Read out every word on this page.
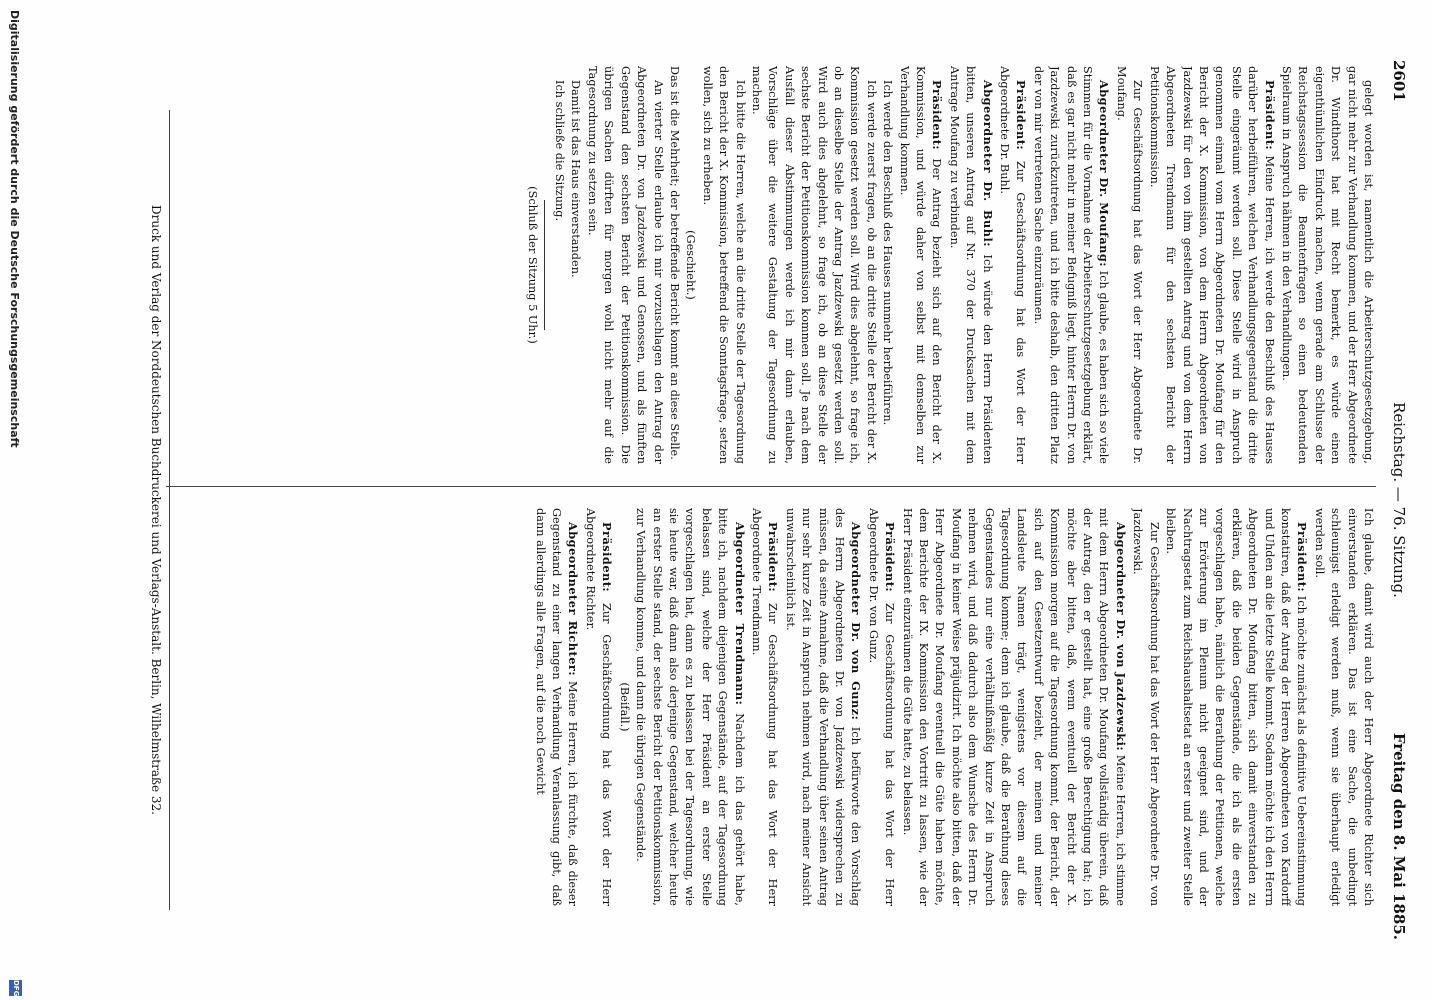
2601
Reichstag. — 76. Sitzung.
Freitag den 8. Mai 1885.

gelegt worden ist, namentlich die Arbeiterschutzgesetzgebung, gar nicht mehr zur Verhandlung kommen, und der Herr Abgeordnete Dr. Windthorst hat mit Recht bemerkt, es würde einen eigenthümlichen Eindruck machen, wenn gerade am Schlusse der Reichstagssession die Beamtenfragen so einen bedeutenden Spielraum in Anspruch nähmen in den Verhandlungen.

Präsident: Meine Herren, ich werde den Beschluß des Hauses darüber herbeiführen, welchen Verhandlungsgegenstand die dritte Stelle eingeräumt werden soll. Diese Stelle wird in Anspruch genommen einmal vom Herrn Abgeordneten Dr. Moufang für den Bericht der X. Kommission, von dem Herrn Abgeordneten von Jazdzewski für den von ihm gestellten Antrag und von dem Herrn Abgeordneten Trendmann für den sechsten Bericht der Petitionskommission.

Zur Geschäftsordnung hat das Wort der Herr Abgeordnete Dr. Moufang.

Abgeordneter Dr. Moufang: Ich glaube, es haben sich so viele Stimmen für die Vornahme der Arbeiterschutzgesetzgebung erklärt, daß es gar nicht mehr in meiner Befugniß liegt, hinter Herrn Dr. von Jazdzewski zurückzutreten, und ich bitte deshalb, den dritten Platz der von mir vertretenen Sache einzuräumen.

Präsident: Zur Geschäftsordnung hat das Wort der Herr Abgeordnete Dr. Buhl.

Abgeordneter Dr. Buhl: Ich würde den Herrn Präsidenten bitten, unseren Antrag auf Nr. 370 der Drucksachen mit dem Antrage Moufang zu verbinden.

Präsident: Der Antrag bezieht sich auf den Bericht der X. Kommission, und würde daher von selbst mit demselben zur Verhandlung kommen.

Ich werde den Beschluß des Hauses nunmehr herbeiführen.

Ich werde zuerst fragen, ob an die dritte Stelle der Bericht der X. Kommission gesetzt werden soll. Wird dies abgelehnt, so frage ich, ob an dieselbe Stelle der Antrag Jazdzewski gesetzt werden soll. Wird auch dies abgelehnt, so frage ich, ob an diese Stelle der sechste Bericht der Petitionskommission kommen soll. Je nach dem Ausfall dieser Abstimmungen werde ich mir dann erlauben, Vorschläge über die weitere Gestaltung der Tagesordnung zu machen.

Ich bitte die Herren, welche an die dritte Stelle der Tagesordnung den Bericht der X. Kommission, betreffend die Sonntagsfrage, setzen wollen, sich zu erheben.

(Geschieht.)

Das ist die Mehrheit; der betreffende Bericht kommt an diese Stelle.

An vierter Stelle erlaube ich mir vorzuschlagen den Antrag der Abgeordneten Dr. von Jazdzewski und Genossen, und als fünften Gegenstand den sechsten Bericht der Petitionskommission. Die übrigen Sachen dürften für morgen wohl nicht mehr auf die Tagesordnung zu setzen sein.

Damit ist das Haus einverstanden.

Ich schließe die Sitzung.

(Schluß der Sitzung 5 Uhr.)

Ich glaube, damit wird auch der Herr Abgeordnete Richter sich einverstanden erklären. Das ist eine Sache, die unbedingt schleunigst erledigt werden muß, wenn sie überhaupt erledigt werden soll.

Präsident: Ich möchte zunächst als definitive Uebereinstimmung konstatiren, daß der Antrag der Herren Abgeordneten von Kardorff und Uhden an die letzte Stelle kommt. Sodann möchte ich den Herrn Abgeordneten Dr. Moufang bitten, sich damit einverstanden zu erklären, daß die beiden Gegenstände, die ich als die ersten vorgeschlagen habe, nämlich die Berathung der Petitionen, welche zur Erörterung im Plenum nicht geeignet sind, und der Nachtragsetat zum Reichshaushaltsetat an erster und zweiter Stelle bleiben.

Zur Geschäftsordnung hat das Wort der Herr Abgeordnete Dr. von Jazdzewski.

Abgeordneter Dr. von Jazdzewski: Meine Herren, ich stimme mit dem Herrn Abgeordneten Dr. Moufang vollständig überein, daß der Antrag, den er gestellt hat, eine große Berechtigung hat; ich möchte aber bitten, daß, wenn eventuell der Bericht der X. Kommission morgen auf die Tagesordnung kommt, der Bericht, der sich auf den Gesetzentwurf bezieht, der meinen und meiner Landsleute Namen trägt, wenigstens vor diesem auf die Tagesordnung komme; denn ich glaube, daß die Berathung dieses Gegenstandes nur eine verhältnißmäßig kurze Zeit in Anspruch nehmen wird, und daß dadurch also dem Wunsche des Herrn Dr. Moufang in keiner Weise präjudizirt. Ich möchte also bitten, daß der Herr Abgeordnete Dr. Moufang eventuell die Güte haben möchte, dem Berichte der IX. Kommission den Vortritt zu lassen, wie der Herr Präsident einzuräumen die Güte hatte, zu belassen.

Präsident: Zur Geschäftsordnung hat das Wort der Herr Abgeordnete Dr. von Gunz.

Abgeordneter Dr. von Gunz: Ich befürworte den Vorschlag des Herrn Abgeordneten Dr. von Jazdzewski widersprechen zu müssen, da seine Annahme, daß die Verhandlung über seinen Antrag nur sehr kurze Zeit in Anspruch nehmen wird, nach meiner Ansicht unwahrscheinlich ist.

Präsident: Zur Geschäftsordnung hat das Wort der Herr Abgeordnete Trendmann.

Abgeordneter Trendmann: Nachdem ich das gehört habe, bitte ich, nachdem diejenigen Gegenstände, auf der Tagesordnung belassen sind, welche der Herr Präsident an erster Stelle vorgeschlagen hat, dann es zu belassen bei der Tagesordnung, wie sie heute war, daß dann also derjenige Gegenstand, welcher heute an erster Stelle stand, der sechste Bericht der Petitionskommission, zur Verhandlung komme, und dann die übrigen Gegenstände.

(Beifall.)

Präsident: Zur Geschäftsordnung hat das Wort der Herr Abgeordnete Richter.

Abgeordneter Richter: Meine Herren, ich fürchte, daß dieser Gegenstand zu einer langen Verhandlung Veranlassung gibt, daß dann allerdings alle Fragen, auf die noch Gewicht

Druck und Verlag der Norddeutschen Buchdruckerei und Verlags-Anstalt. Berlin, Wilhelmstraße 32.
Digitalisierung gefördert durch die Deutsche Forschungsgemeinschaft
DFG
